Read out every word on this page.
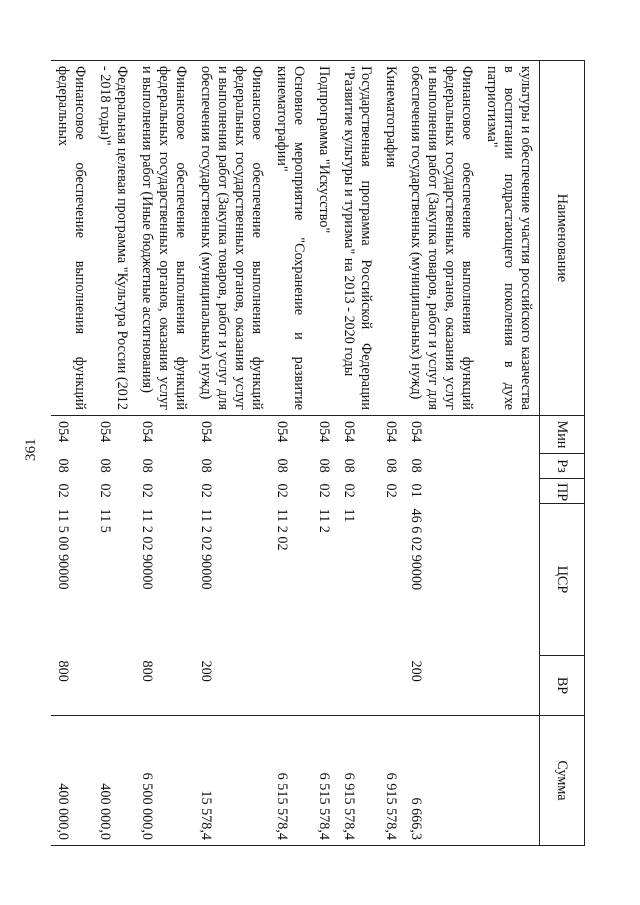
361
Наименование	Мин	Рз	ПР	ЦСР	ВР	Сумма
культуры и обеспечение участия российского казачества в воспитании подрастающего поколения в духе патриотизма"						
Финансовое обеспечение выполнения функций федеральных государственных органов, оказания услуг и выполнения работ (Закупка товаров, работ и услуг для обеспечения государственных (муниципальных) нужд)	054	08	01	46 6 02 90000	200	6 666,3
Кинематография	054	08	02			6 915 578,4
Государственная программа Российской Федерации "Развитие культуры и туризма" на 2013 - 2020 годы	054	08	02	11		6 915 578,4
Подпрограмма "Искусство"	054	08	02	11 2		6 515 578,4
Основное мероприятие "Сохранение и развитие кинематографии"	054	08	02	11 2 02		6 515 578,4
Финансовое обеспечение выполнения функций федеральных государственных органов, оказания услуг и выполнения работ (Закупка товаров, работ и услуг для обеспечения государственных (муниципальных) нужд)	054	08	02	11 2 02 90000	200	15 578,4
Финансовое обеспечение выполнения функций федеральных государственных органов, оказания услуг и выполнения работ (Иные бюджетные ассигнования)	054	08	02	11 2 02 90000	800	6 500 000,0
Федеральная целевая программа "Культура России (2012 - 2018 годы)"	054	08	02	11 5		400 000,0
Финансовое обеспечение выполнения функций федеральных	054	08	02	11 5 00 90000	800	400 000,0
